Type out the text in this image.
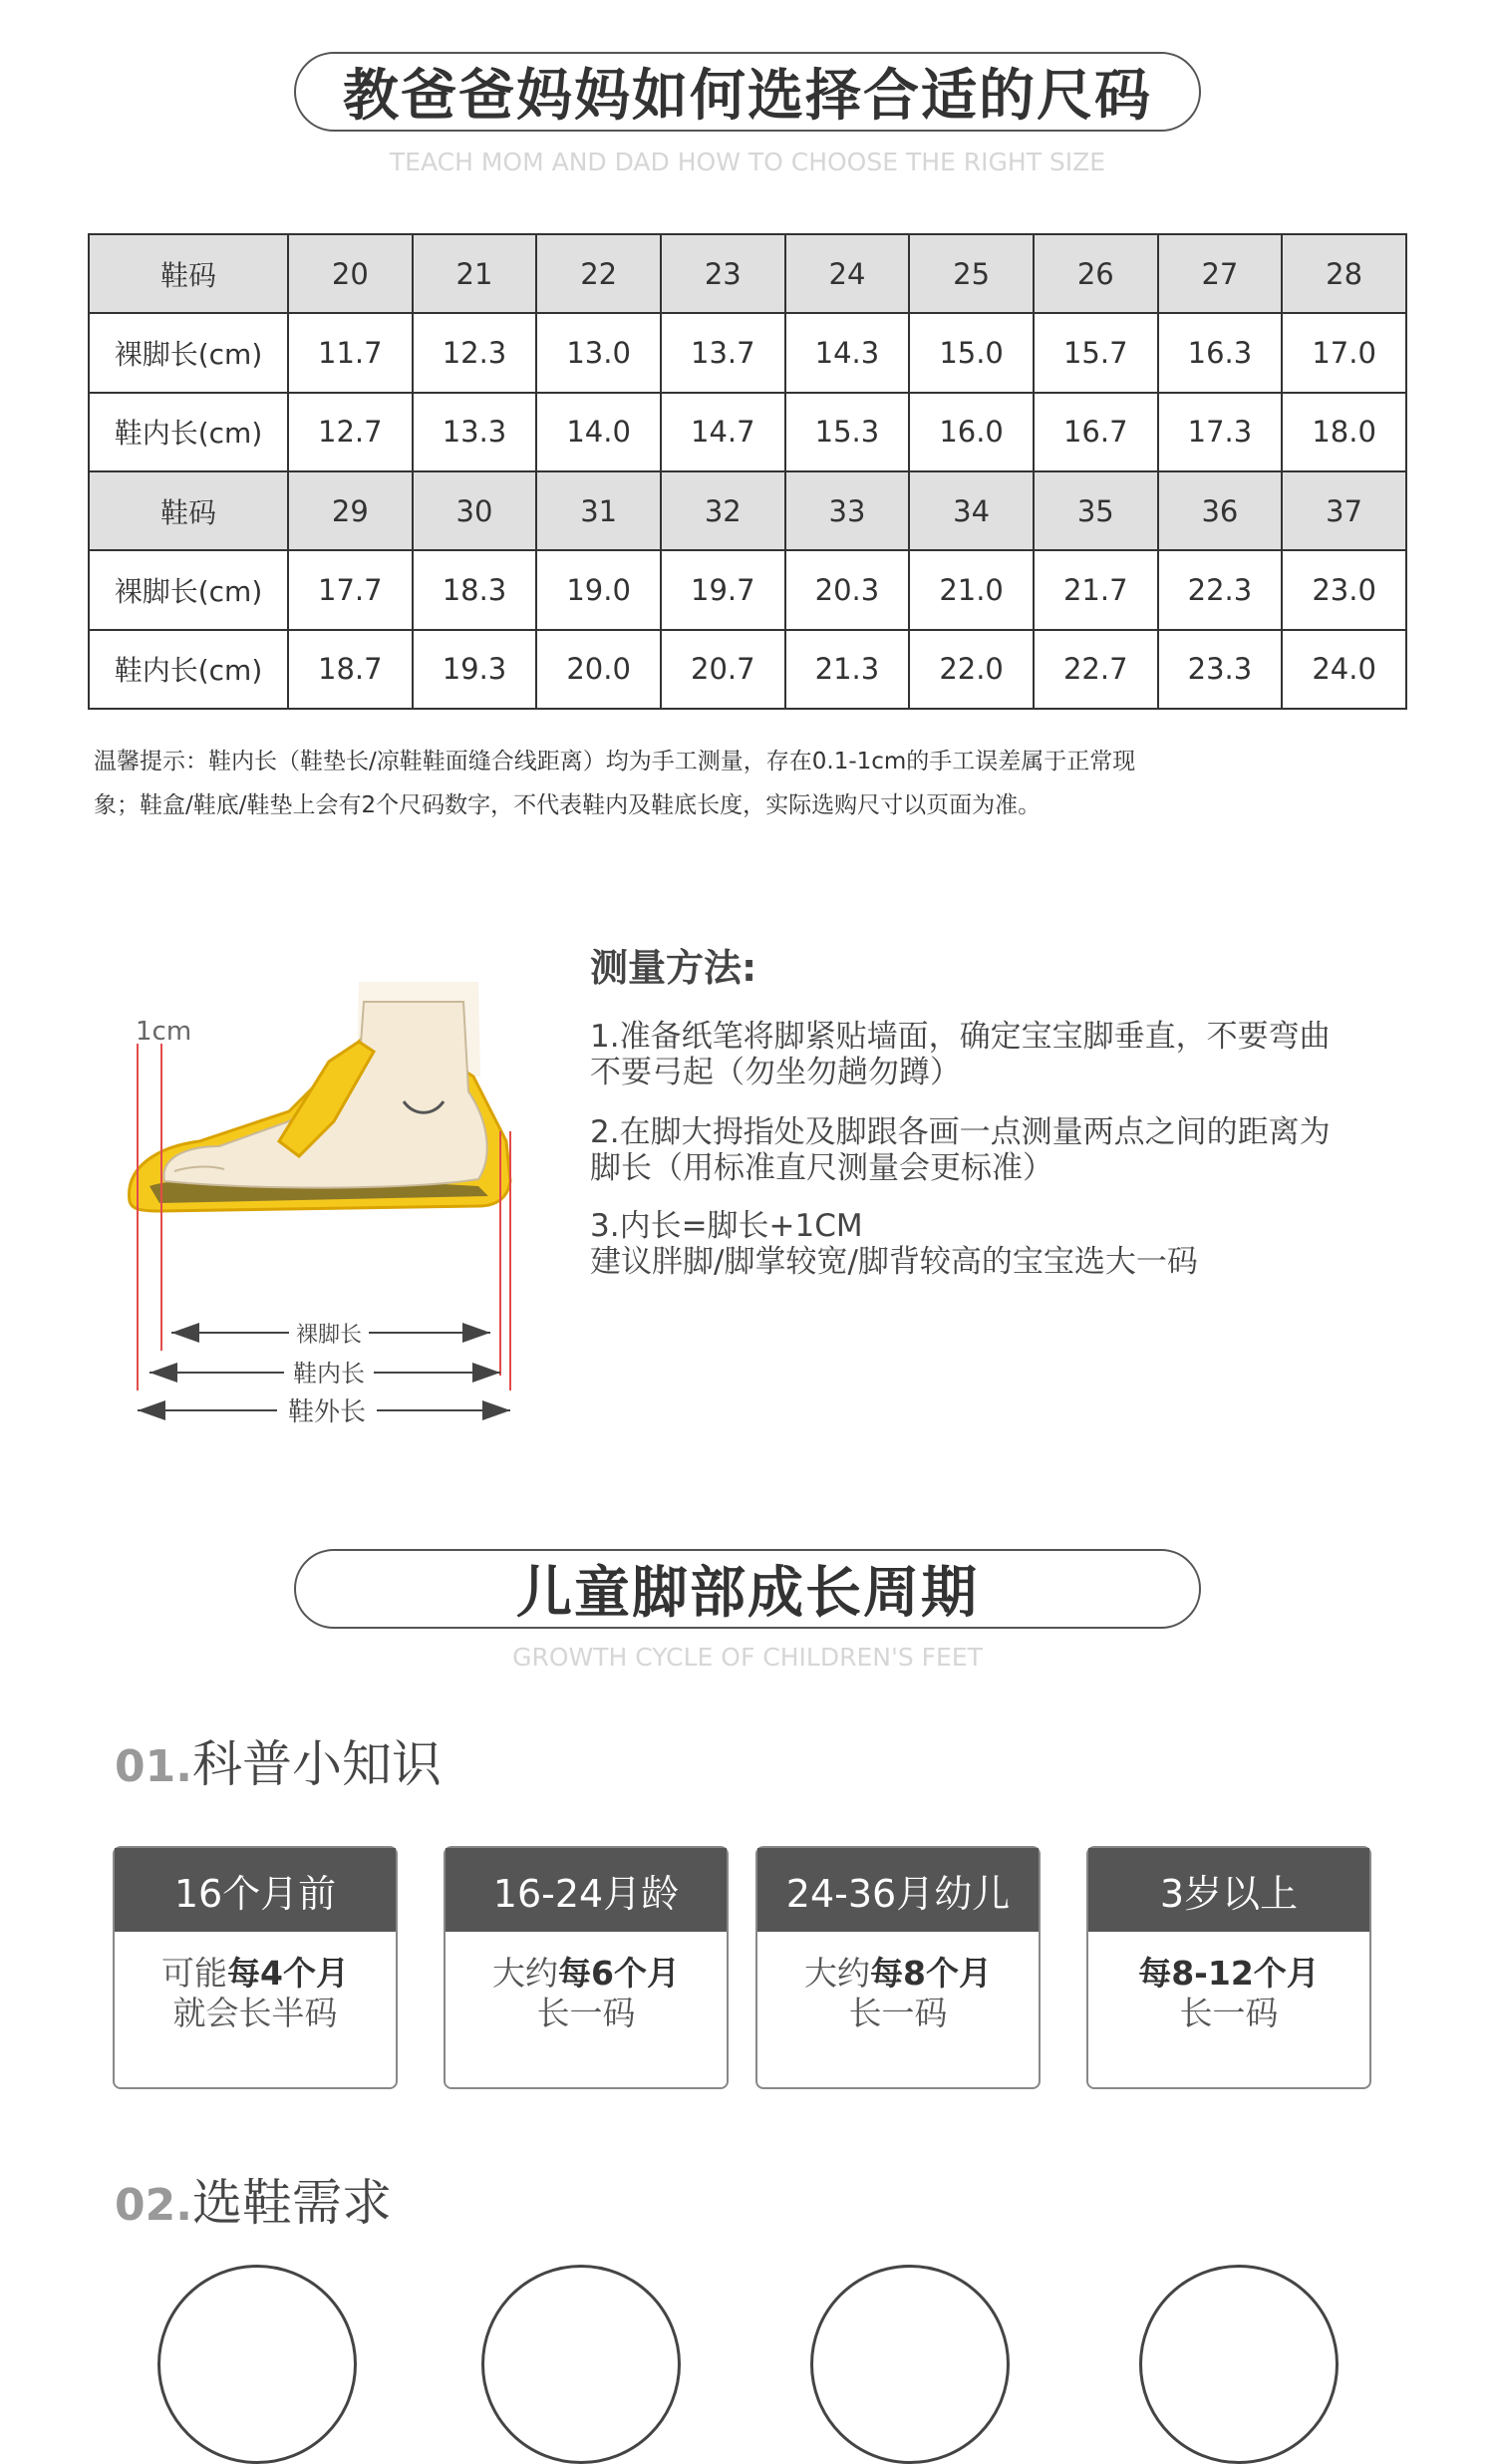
教爸爸妈妈如何选择合适的尺码
TEACH MOM AND DAD HOW TO CHOOSE THE RIGHT SIZE
鞋码	20	21	22	23	24	25	26	27	28
裸脚长(cm)	11.7	12.3	13.0	13.7	14.3	15.0	15.7	16.3	17.0
鞋内长(cm)	12.7	13.3	14.0	14.7	15.3	16.0	16.7	17.3	18.0
鞋码	29	30	31	32	33	34	35	36	37
裸脚长(cm)	17.7	18.3	19.0	19.7	20.3	21.0	21.7	22.3	23.0
鞋内长(cm)	18.7	19.3	20.0	20.7	21.3	22.0	22.7	23.3	24.0
温馨提示：鞋内长（鞋垫长/凉鞋鞋面缝合线距离）均为手工测量，存在0.1-1cm的手工误差属于正常现
象；鞋盒/鞋底/鞋垫上会有2个尺码数字，不代表鞋内及鞋底长度，实际选购尺寸以页面为准。
裸脚长
鞋内长
鞋外长
1cm
测量方法:
1.准备纸笔将脚紧贴墙面，确定宝宝脚垂直，不要弯曲
不要弓起（勿坐勿趟勿蹲）
2.在脚大拇指处及脚跟各画一点测量两点之间的距离为
脚长（用标准直尺测量会更标准）
3.内长=脚长+1CM
建议胖脚/脚掌较宽/脚背较高的宝宝选大一码
儿童脚部成长周期
GROWTH CYCLE OF CHILDREN'S FEET
01.科普小知识
16个月前
可能每4个月
就会长半码
16-24月龄
大约每6个月
长一码
24-36月幼儿
大约每8个月
长一码
3岁以上
每8-12个月
长一码
02.选鞋需求
